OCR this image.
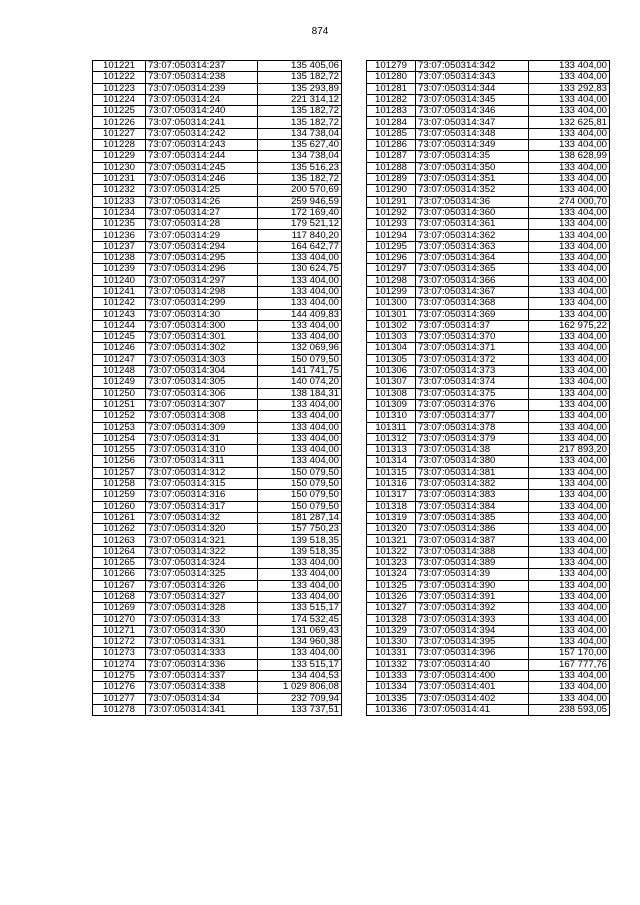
874
101221	73:07:050314:237	135 405,06
101222	73:07:050314:238	135 182,72
101223	73:07:050314:239	135 293,89
101224	73:07:050314:24	221 314,12
101225	73:07:050314:240	135 182,72
101226	73:07:050314:241	135 182,72
101227	73:07:050314:242	134 738,04
101228	73:07:050314:243	135 627,40
101229	73:07:050314:244	134 738,04
101230	73:07:050314:245	135 516,23
101231	73:07:050314:246	135 182,72
101232	73:07:050314:25	200 570,69
101233	73:07:050314:26	259 946,59
101234	73:07:050314:27	172 169,40
101235	73:07:050314:28	179 521,12
101236	73:07:050314:29	117 840,20
101237	73:07:050314:294	164 642,77
101238	73:07:050314:295	133 404,00
101239	73:07:050314:296	130 624,75
101240	73:07:050314:297	133 404,00
101241	73:07:050314:298	133 404,00
101242	73:07:050314:299	133 404,00
101243	73:07:050314:30	144 409,83
101244	73:07:050314:300	133 404,00
101245	73:07:050314:301	133 404,00
101246	73:07:050314:302	132 069,96
101247	73:07:050314:303	150 079,50
101248	73:07:050314:304	141 741,75
101249	73:07:050314:305	140 074,20
101250	73:07:050314:306	138 184,31
101251	73:07:050314:307	133 404,00
101252	73:07:050314:308	133 404,00
101253	73:07:050314:309	133 404,00
101254	73:07:050314:31	133 404,00
101255	73:07:050314:310	133 404,00
101256	73:07:050314:311	133 404,00
101257	73:07:050314:312	150 079,50
101258	73:07:050314:315	150 079,50
101259	73:07:050314:316	150 079,50
101260	73:07:050314:317	150 079,50
101261	73:07:050314:32	181 287,14
101262	73:07:050314:320	157 750,23
101263	73:07:050314:321	139 518,35
101264	73:07:050314:322	139 518,35
101265	73:07:050314:324	133 404,00
101266	73:07:050314:325	133 404,00
101267	73:07:050314:326	133 404,00
101268	73:07:050314:327	133 404,00
101269	73:07:050314:328	133 515,17
101270	73:07:050314:33	174 532,45
101271	73:07:050314:330	131 069,43
101272	73:07:050314:331	134 960,38
101273	73:07:050314:333	133 404,00
101274	73:07:050314:336	133 515,17
101275	73:07:050314:337	134 404,53
101276	73:07:050314:338	1 029 806,08
101277	73:07:050314:34	232 709,94
101278	73:07:050314:341	133 737,51
101279	73:07:050314:342	133 404,00
101280	73:07:050314:343	133 404,00
101281	73:07:050314:344	133 292,83
101282	73:07:050314:345	133 404,00
101283	73:07:050314:346	133 404,00
101284	73:07:050314:347	132 625,81
101285	73:07:050314:348	133 404,00
101286	73:07:050314:349	133 404,00
101287	73:07:050314:35	138 628,99
101288	73:07:050314:350	133 404,00
101289	73:07:050314:351	133 404,00
101290	73:07:050314:352	133 404,00
101291	73:07:050314:36	274 000,70
101292	73:07:050314:360	133 404,00
101293	73:07:050314:361	133 404,00
101294	73:07:050314:362	133 404,00
101295	73:07:050314:363	133 404,00
101296	73:07:050314:364	133 404,00
101297	73:07:050314:365	133 404,00
101298	73:07:050314:366	133 404,00
101299	73:07:050314:367	133 404,00
101300	73:07:050314:368	133 404,00
101301	73:07:050314:369	133 404,00
101302	73:07:050314:37	162 975,22
101303	73:07:050314:370	133 404,00
101304	73:07:050314:371	133 404,00
101305	73:07:050314:372	133 404,00
101306	73:07:050314:373	133 404,00
101307	73:07:050314:374	133 404,00
101308	73:07:050314:375	133 404,00
101309	73:07:050314:376	133 404,00
101310	73:07:050314:377	133 404,00
101311	73:07:050314:378	133 404,00
101312	73:07:050314:379	133 404,00
101313	73:07:050314:38	217 893,20
101314	73:07:050314:380	133 404,00
101315	73:07:050314:381	133 404,00
101316	73:07:050314:382	133 404,00
101317	73:07:050314:383	133 404,00
101318	73:07:050314:384	133 404,00
101319	73:07:050314:385	133 404,00
101320	73:07:050314:386	133 404,00
101321	73:07:050314:387	133 404,00
101322	73:07:050314:388	133 404,00
101323	73:07:050314:389	133 404,00
101324	73:07:050314:39	133 404,00
101325	73:07:050314:390	133 404,00
101326	73:07:050314:391	133 404,00
101327	73:07:050314:392	133 404,00
101328	73:07:050314:393	133 404,00
101329	73:07:050314:394	133 404,00
101330	73:07:050314:395	133 404,00
101331	73:07:050314:396	157 170,00
101332	73:07:050314:40	167 777,76
101333	73:07:050314:400	133 404,00
101334	73:07:050314:401	133 404,00
101335	73:07:050314:402	133 404,00
101336	73:07:050314:41	238 593,05
